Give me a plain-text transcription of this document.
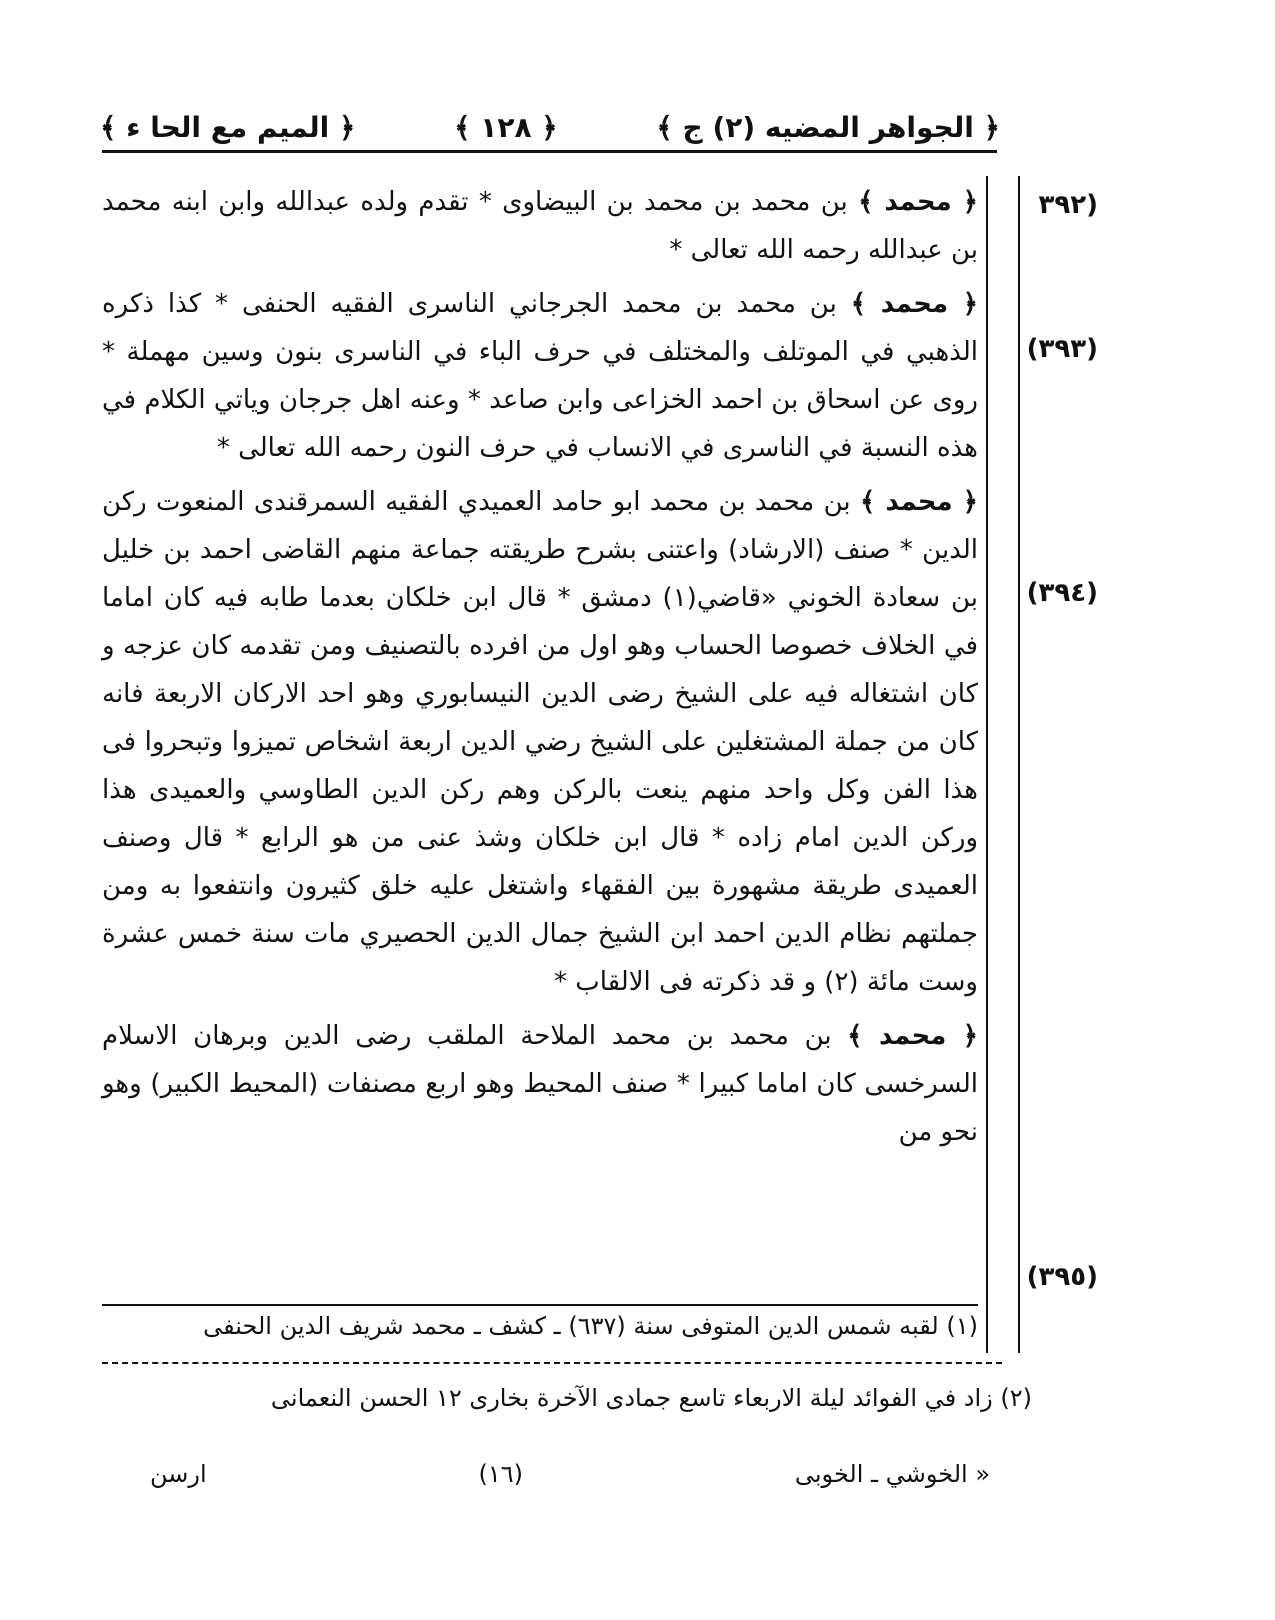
﴿ الجواهر المضيه (٢) ج ﴾
﴿ ١٢٨ ﴾
﴿ الميم مع الحا ء ﴾
(٣٩٢
(٣٩٣)
(٣٩٤)
(٣٩٥)

﴿ محمد ﴾ بن محمد بن محمد بن البيضاوى * تقدم ولده عبدالله وابن ابنه محمد بن عبدالله رحمه الله تعالى *

﴿ محمد ﴾ بن محمد بن محمد الجرجاني الناسرى الفقيه الحنفى * كذا ذكره الذهبي في الموتلف والمختلف في حرف الباء في الناسرى بنون وسين مهملة * روى عن اسحاق بن احمد الخزاعى وابن صاعد * وعنه اهل جرجان وياتي الكلام في هذه النسبة في الناسرى في الانساب في حرف النون رحمه الله تعالى *

﴿ محمد ﴾ بن محمد بن محمد ابو حامد العميدي الفقيه السمرقندى المنعوت ركن الدين * صنف (الارشاد) واعتنى بشرح طريقته جماعة منهم القاضى احمد بن خليل بن سعادة الخوني «قاضي(١) دمشق * قال ابن خلكان بعدما طابه فيه كان اماما في الخلاف خصوصا الحساب وهو اول من افرده بالتصنيف ومن تقدمه كان عزجه و كان اشتغاله فيه على الشيخ رضى الدين النيسابوري وهو احد الاركان الاربعة فانه كان من جملة المشتغلين على الشيخ رضي الدين اربعة اشخاص تميزوا وتبحروا فى هذا الفن وكل واحد منهم ينعت بالركن وهم ركن الدين الطاوسي والعميدى هذا وركن الدين امام زاده * قال ابن خلكان وشذ عنى من هو الرابع * قال وصنف العميدى طريقة مشهورة بين الفقهاء واشتغل عليه خلق كثيرون وانتفعوا به ومن جملتهم نظام الدين احمد ابن الشيخ جمال الدين الحصيري مات سنة خمس عشرة وست مائة (٢) و قد ذكرته فى الالقاب *

﴿ محمد ﴾ بن محمد بن محمد الملاحة الملقب رضى الدين وبرهان الاسلام السرخسى كان اماما كبيرا * صنف المحيط وهو اربع مصنفات (المحيط الكبير) وهو نحو من

(١) لقبه شمس الدين المتوفى سنة (٦٣٧) ـ كشف ـ محمد شريف الدين الحنفى
(٢) زاد في الفوائد ليلة الاربعاء تاسع جمادى الآخرة بخارى ١٢ الحسن النعمانى
« الخوشي ـ الخوبى
(١٦)
ارسن
